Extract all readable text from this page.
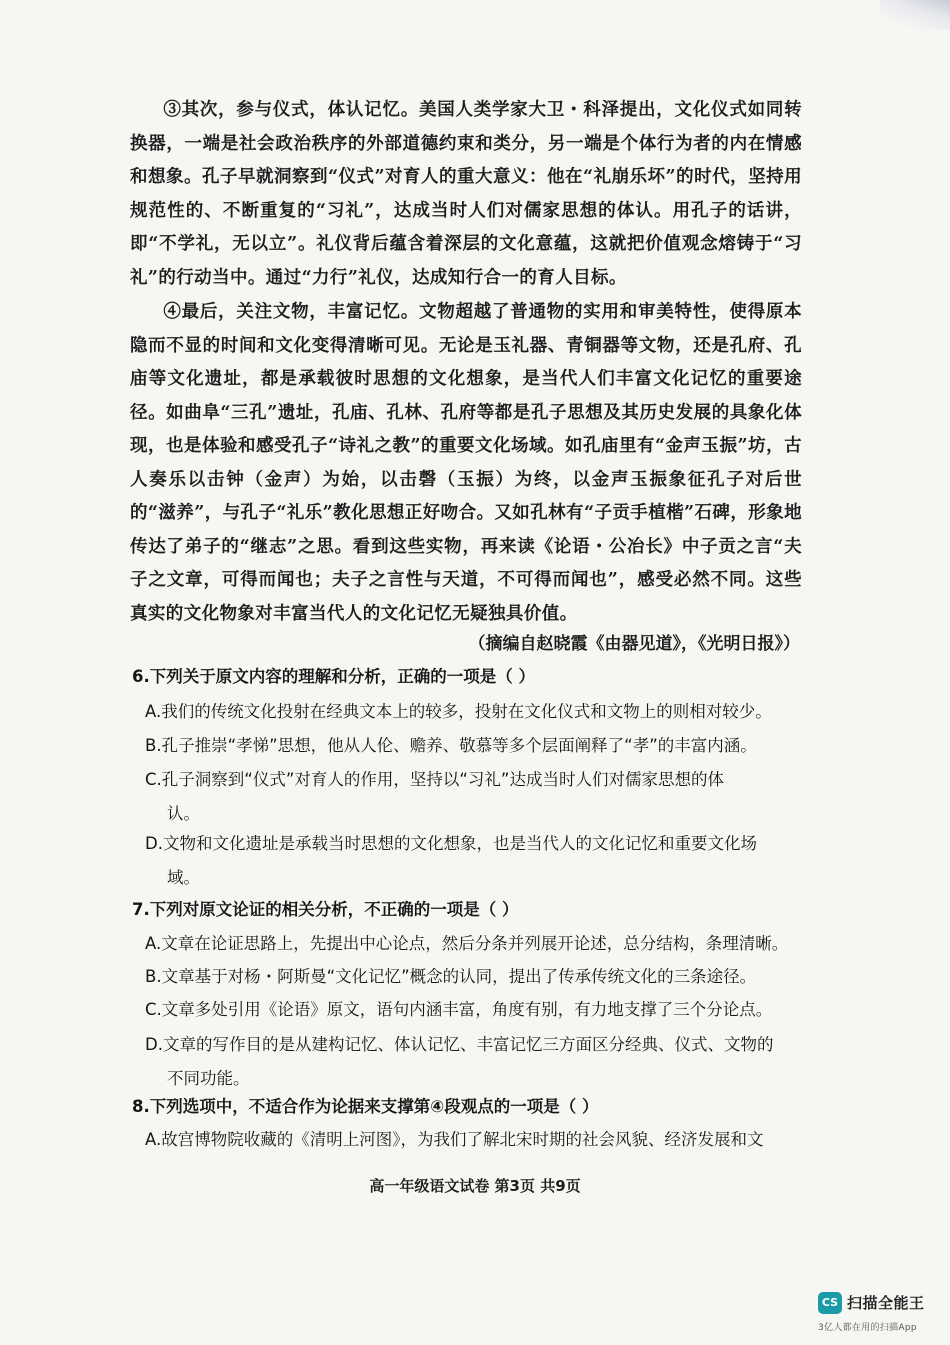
③其次，参与仪式，体认记忆。美国人类学家大卫・科泽提出，文化仪式如同转换器，一端是社会政治秩序的外部道德约束和类分，另一端是个体行为者的内在情感和想象。孔子早就洞察到“仪式”对育人的重大意义：他在“礼崩乐坏”的时代，坚持用规范性的、不断重复的“习礼”，达成当时人们对儒家思想的体认。用孔子的话讲，即“不学礼，无以立”。礼仪背后蕴含着深层的文化意蕴，这就把价值观念熔铸于“习礼”的行动当中。通过“力行”礼仪，达成知行合一的育人目标。

④最后，关注文物，丰富记忆。文物超越了普通物的实用和审美特性，使得原本隐而不显的时间和文化变得清晰可见。无论是玉礼器、青铜器等文物，还是孔府、孔庙等文化遗址，都是承载彼时思想的文化想象，是当代人们丰富文化记忆的重要途径。如曲阜“三孔”遗址，孔庙、孔林、孔府等都是孔子思想及其历史发展的具象化体现，也是体验和感受孔子“诗礼之教”的重要文化场域。如孔庙里有“金声玉振”坊，古人奏乐以击钟（金声）为始，以击磬（玉振）为终，以金声玉振象征孔子对后世的“滋养”，与孔子“礼乐”教化思想正好吻合。又如孔林有“子贡手植楷”石碑，形象地传达了弟子的“继志”之思。看到这些实物，再来读《论语・公冶长》中子贡之言“夫子之文章，可得而闻也；夫子之言性与天道，不可得而闻也”，感受必然不同。这些真实的文化物象对丰富当代人的文化记忆无疑独具价值。

（摘编自赵晓霞《由器见道》，《光明日报》）

6.下列关于原文内容的理解和分析，正确的一项是（ ）

A.我们的传统文化投射在经典文本上的较多，投射在文化仪式和文物上的则相对较少。

B.孔子推崇“孝悌”思想，他从人伦、赡养、敬慕等多个层面阐释了“孝”的丰富内涵。

C.孔子洞察到“仪式”对育人的作用，坚持以“习礼”达成当时人们对儒家思想的体
认。

D.文物和文化遗址是承载当时思想的文化想象，也是当代人的文化记忆和重要文化场
域。

7.下列对原文论证的相关分析，不正确的一项是（ ）

A.文章在论证思路上，先提出中心论点，然后分条并列展开论述，总分结构，条理清晰。

B.文章基于对杨・阿斯曼“文化记忆”概念的认同，提出了传承传统文化的三条途径。

C.文章多处引用《论语》原文，语句内涵丰富，角度有别，有力地支撑了三个分论点。

D.文章的写作目的是从建构记忆、体认记忆、丰富记忆三方面区分经典、仪式、文物的
不同功能。

8.下列选项中，不适合作为论据来支撑第④段观点的一项是（ ）

A.故宫博物院收藏的《清明上河图》，为我们了解北宋时期的社会风貌、经济发展和文

高一年级语文试卷 第3页 共9页

CS 扫描全能王
3亿人都在用的扫描App
